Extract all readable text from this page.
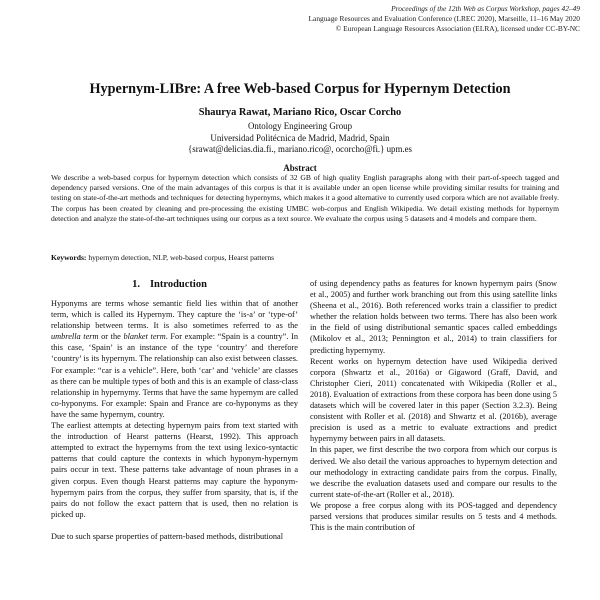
Proceedings of the 12th Web as Corpus Workshop, pages 42–49
Language Resources and Evaluation Conference (LREC 2020), Marseille, 11–16 May 2020
© European Language Resources Association (ELRA), licensed under CC-BY-NC
Hypernym-LIBre: A free Web-based Corpus for Hypernym Detection
Shaurya Rawat, Mariano Rico, Oscar Corcho
Ontology Engineering Group
Universidad Politécnica de Madrid, Madrid, Spain
{srawat@delicias.dia.fi., mariano.rico@, ocorcho@fi.} upm.es
Abstract
We describe a web-based corpus for hypernym detection which consists of 32 GB of high quality English paragraphs along with their part-of-speech tagged and dependency parsed versions. One of the main advantages of this corpus is that it is available under an open license while providing similar results for training and testing on state-of-the-art methods and techniques for detecting hypernyms, which makes it a good alternative to currently used corpora which are not available freely. The corpus has been created by cleaning and pre-processing the existing UMBC web-corpus and English Wikipedia. We detail existing methods for hypernym detection and analyze the state-of-the-art techniques using our corpus as a text source. We evaluate the corpus using 5 datasets and 4 models and compare them.
Keywords: hypernym detection, NLP, web-based corpus, Hearst patterns
1. Introduction

Hyponyms are terms whose semantic field lies within that of another term, which is called its Hypernym. They capture the ‘is-a’ or ‘type-of’ relationship between terms. It is also sometimes referred to as the umbrella term or the blanket term. For example: “Spain is a country”. In this case, ‘Spain’ is an instance of the type ‘country’ and therefore ‘country’ is its hypernym. The relationship can also exist between classes. For example: “car is a vehicle”. Here, both ‘car’ and ‘vehicle’ are classes as there can be multiple types of both and this is an example of class-class relationship in hypernymy. Terms that have the same hypernym are called co-hyponyms. For example: Spain and France are co-hyponyms as they have the same hypernym, country.

The earliest attempts at detecting hypernym pairs from text started with the introduction of Hearst patterns (Hearst, 1992). This approach attempted to extract the hypernyms from the text using lexico-syntactic patterns that could capture the contexts in which hyponym-hypernym pairs occur in text. These patterns take advantage of noun phrases in a given corpus. Even though Hearst patterns may capture the hyponym-hypernym pairs from the corpus, they suffer from sparsity, that is, if the pairs do not follow the exact pattern that is used, then no relation is picked up.

Due to such sparse properties of pattern-based methods, distributional

of using dependency paths as features for known hypernym pairs (Snow et al., 2005) and further work branching out from this using satellite links (Sheena et al., 2016). Both referenced works train a classifier to predict whether the relation holds between two terms. There has also been work in the field of using distributional semantic spaces called embeddings (Mikolov et al., 2013; Pennington et al., 2014) to train classifiers for predicting hypernymy.

Recent works on hypernym detection have used Wikipedia derived corpora (Shwartz et al., 2016a) or Gigaword (Graff, David, and Christopher Cieri, 2011) concatenated with Wikipedia (Roller et al., 2018). Evaluation of extractions from these corpora has been done using 5 datasets which will be covered later in this paper (Section 3.2.3). Being consistent with Roller et al. (2018) and Shwartz et al. (2016b), average precision is used as a metric to evaluate extractions and predict hypernymy between pairs in all datasets.

In this paper, we first describe the two corpora from which our corpus is derived. We also detail the various approaches to hypernym detection and our methodology in extracting candidate pairs from the corpus. Finally, we describe the evaluation datasets used and compare our results to the current state-of-the-art (Roller et al., 2018).

We propose a free corpus along with its POS-tagged and dependency parsed versions that produces similar results on 5 tests and 4 methods. This is the main contribution of
